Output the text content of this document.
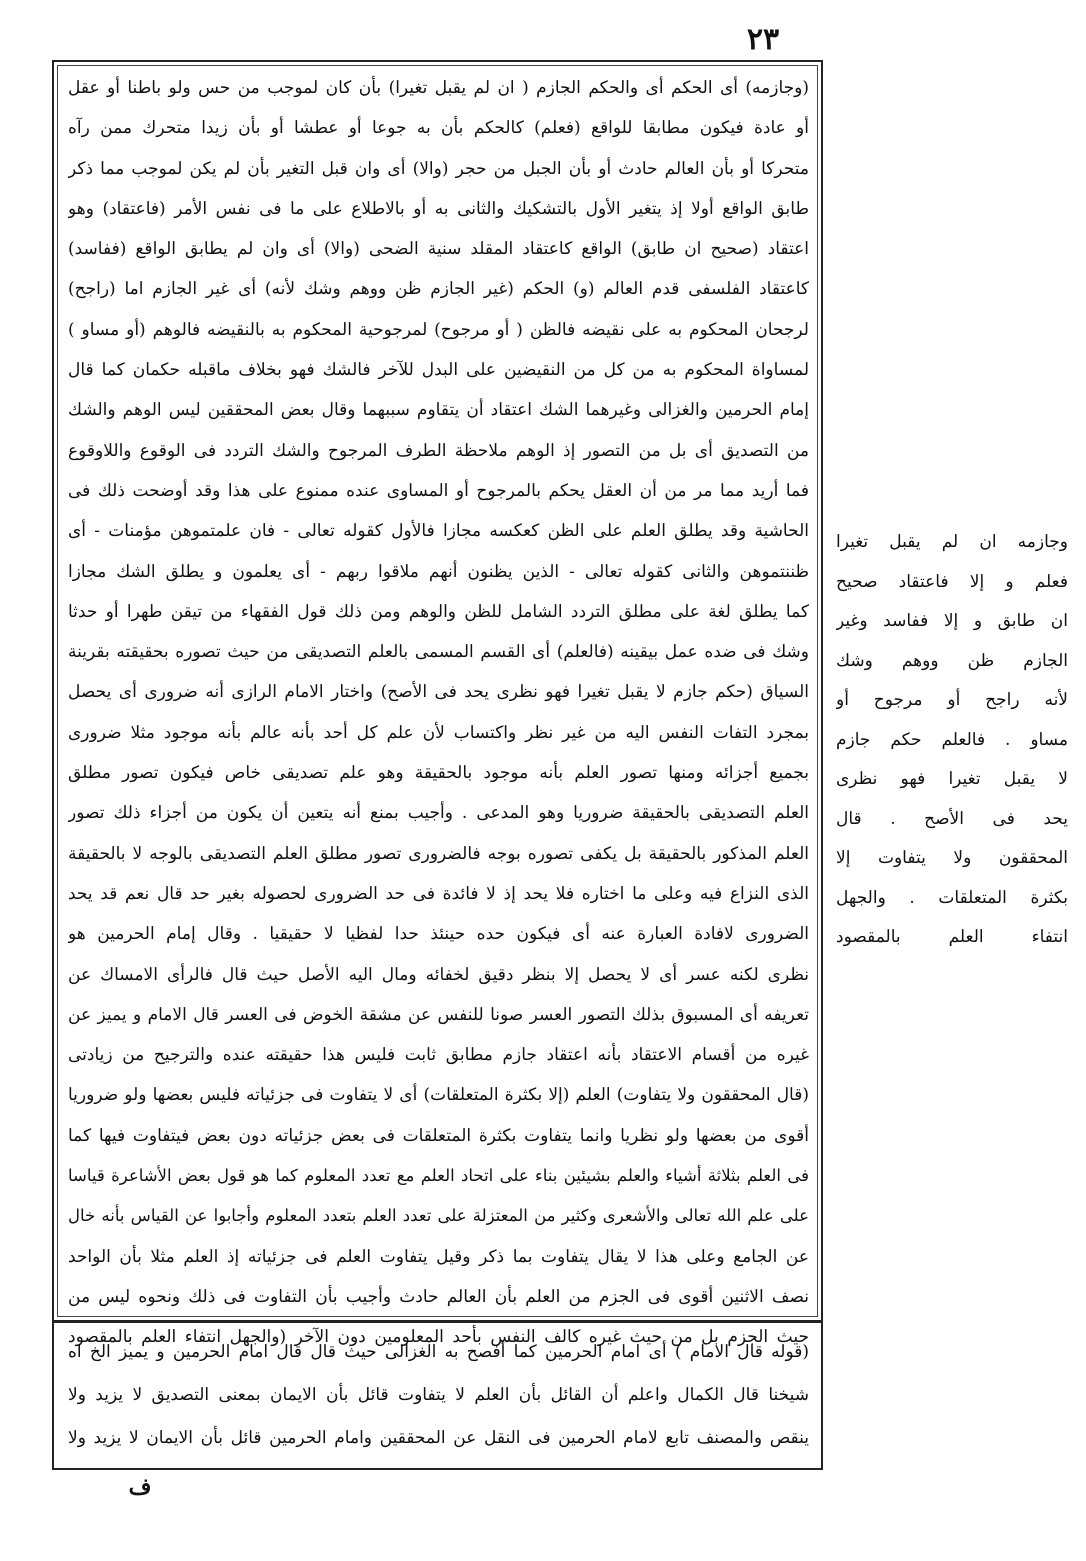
٢٣
(وجازمه) أى الحكم أى والحكم الجازم ( ان لم يقبل تغيرا) بأن كان لموجب من حس ولو باطنا أو عقل
أو عادة فيكون مطابقا للواقع (فعلم) كالحكم بأن به جوعا أو عطشا أو بأن زيدا متحرك ممن رآه
متحركا أو بأن العالم حادث أو بأن الجبل من حجر (والا) أى وان قبل التغير بأن لم يكن لموجب مما ذكر
طابق الواقع أولا إذ يتغير الأول بالتشكيك والثانى به أو بالاطلاع على ما فى نفس الأمر (فاعتقاد) وهو
اعتقاد (صحيح ان طابق) الواقع كاعتقاد المقلد سنية الضحى (والا) أى وان لم يطابق الواقع (ففاسد)
كاعتقاد الفلسفى قدم العالم (و) الحكم (غير الجازم ظن ووهم وشك لأنه) أى غير الجازم اما (راجح)
لرجحان المحكوم به على نقيضه فالظن ( أو مرجوح) لمرجوحية المحكوم به بالنقيضه فالوهم (أو مساو )
لمساواة المحكوم به من كل من النقيضين على البدل للآخر فالشك فهو بخلاف ماقبله حكمان كما قال
إمام الحرمين والغزالى وغيرهما الشك اعتقاد أن يتقاوم سببهما وقال بعض المحققين ليس الوهم والشك
من التصديق أى بل من التصور إذ الوهم ملاحظة الطرف المرجوح والشك التردد فى الوقوع واللاوقوع
فما أريد مما مر من أن العقل يحكم بالمرجوح أو المساوى عنده ممنوع على هذا وقد أوضحت ذلك فى
الحاشية وقد يطلق العلم على الظن كعكسه مجازا فالأول كقوله تعالى - فان علمتموهن مؤمنات - أى
ظننتموهن والثانى كقوله تعالى - الذين يظنون أنهم ملاقوا ربهم - أى يعلمون و يطلق الشك مجازا
كما يطلق لغة على مطلق التردد الشامل للظن والوهم ومن ذلك قول الفقهاء من تيقن طهرا أو حدثا
وشك فى ضده عمل بيقينه (فالعلم) أى القسم المسمى بالعلم التصديقى من حيث تصوره بحقيقته بقرينة
السياق (حكم جازم لا يقبل تغيرا فهو نظرى يحد فى الأصح) واختار الامام الرازى أنه ضرورى أى يحصل
بمجرد التفات النفس اليه من غير نظر واكتساب لأن علم كل أحد بأنه عالم بأنه موجود مثلا ضرورى
بجميع أجزائه ومنها تصور العلم بأنه موجود بالحقيقة وهو علم تصديقى خاص فيكون تصور مطلق
العلم التصديقى بالحقيقة ضروريا وهو المدعى . وأجيب بمنع أنه يتعين أن يكون من أجزاء ذلك تصور
العلم المذكور بالحقيقة بل يكفى تصوره بوجه فالضرورى تصور مطلق العلم التصديقى بالوجه لا بالحقيقة
الذى النزاع فيه وعلى ما اختاره فلا يحد إذ لا فائدة فى حد الضرورى لحصوله بغير حد قال نعم قد يحد
الضرورى لافادة العبارة عنه أى فيكون حده حينئذ حدا لفظيا لا حقيقيا . وقال إمام الحرمين هو
نظرى لكنه عسر أى لا يحصل إلا بنظر دقيق لخفائه ومال اليه الأصل حيث قال فالرأى الامساك عن
تعريفه أى المسبوق بذلك التصور العسر صونا للنفس عن مشقة الخوض فى العسر قال الامام و يميز عن
غيره من أقسام الاعتقاد بأنه اعتقاد جازم مطابق ثابت فليس هذا حقيقته عنده والترجيح من زيادتى
(قال المحققون ولا يتفاوت) العلم (إلا بكثرة المتعلقات) أى لا يتفاوت فى جزئياته فليس بعضها ولو ضروريا
أقوى من بعضها ولو نظريا وانما يتفاوت بكثرة المتعلقات فى بعض جزئياته دون بعض فيتفاوت فيها كما
فى العلم بثلاثة أشياء والعلم بشيئين بناء على اتحاد العلم مع تعدد المعلوم كما هو قول بعض الأشاعرة قياسا
على علم الله تعالى والأشعرى وكثير من المعتزلة على تعدد العلم بتعدد المعلوم وأجابوا عن القياس بأنه خال
عن الجامع وعلى هذا لا يقال يتفاوت بما ذكر وقيل يتفاوت العلم فى جزئياته إذ العلم مثلا بأن الواحد
نصف الاثنين أقوى فى الجزم من العلم بأن العالم حادث وأجيب بأن التفاوت فى ذلك ونحوه ليس من
حيث الجزم بل من حيث غيره كالف النفس بأحد المعلومين دون الآخر (والجهل انتفاء العلم بالمقصود
(قوله قال الامام ) أى امام الحرمين كما أفصح به الغزالى حيث قال قال امام الحرمين و يميز الخ اه
شيخنا قال الكمال واعلم أن القائل بأن العلم لا يتفاوت قائل بأن الايمان بمعنى التصديق لا يزيد ولا
ينقص والمصنف تابع لامام الحرمين فى النقل عن المحققين وامام الحرمين قائل بأن الايمان لا يزيد ولا
وجازمه ان لم يقبل تغيرا
فعلم و إلا فاعتقاد صحيح
ان طابق و إلا ففاسد وغير
الجازم ظن ووهم وشك
لأنه راجح أو مرجوح أو
مساو . فالعلم حكم جازم
لا يقبل تغيرا فهو نظرى
يحد فى الأصح . قال
المحققون ولا يتفاوت إلا
بكثرة المتعلقات . والجهل
انتفاء العلم بالمقصود
ف
